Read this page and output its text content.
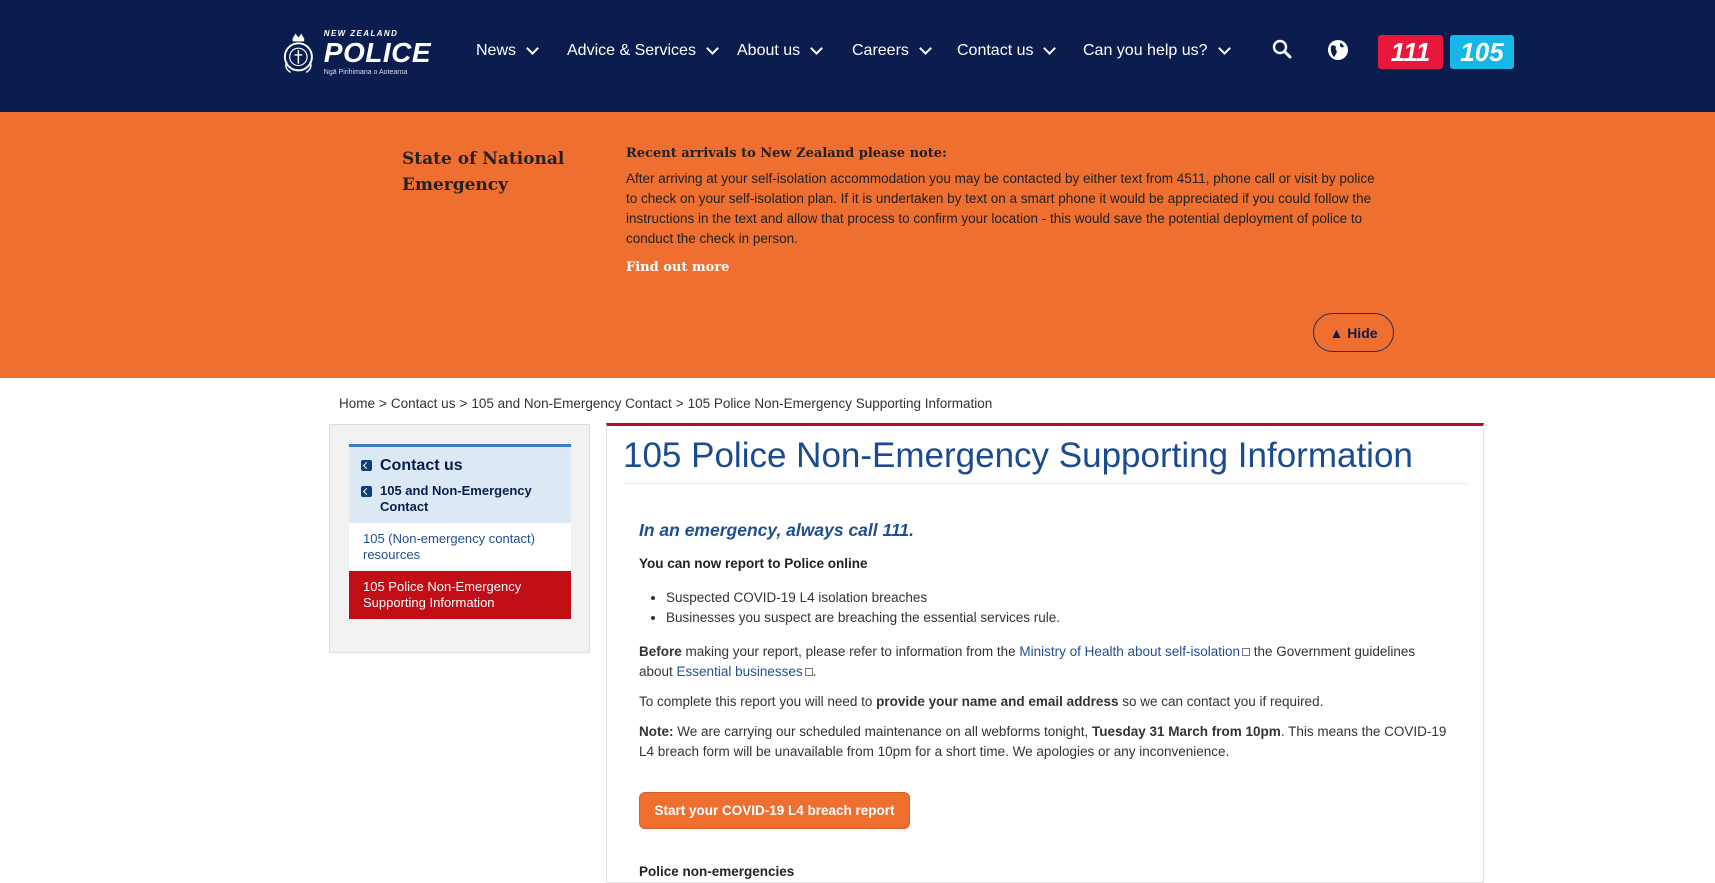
NEW ZEALAND
POLICE
Ngā Pirihimana o Aotearoa
News	Advice & Services	About us	Careers	Contact us	Can you help us?	111	105
State of National Emergency
Recent arrivals to New Zealand please note:
After arriving at your self-isolation accommodation you may be contacted by either text from 4511, phone call or visit by police to check on your self-isolation plan. If it is undertaken by text on a smart phone it would be appreciated if you could follow the instructions in the text and allow that process to confirm your location - this would save the potential deployment of police to conduct the check in person.
Find out more
▲ Hide
Home > Contact us > 105 and Non-Emergency Contact > 105 Police Non-Emergency Supporting Information
Contact us
105 and Non-Emergency Contact
105 (Non-emergency contact) resources
105 Police Non-Emergency Supporting Information
105 Police Non-Emergency Supporting Information
In an emergency, always call 111.
You can now report to Police online
• Suspected COVID-19 L4 isolation breaches
• Businesses you suspect are breaching the essential services rule.
Before making your report, please refer to information from the Ministry of Health about self-isolation the Government guidelines about Essential businesses .
To complete this report you will need to provide your name and email address so we can contact you if required.
Note: We are carrying our scheduled maintenance on all webforms tonight, Tuesday 31 March from 10pm. This means the COVID-19 L4 breach form will be unavailable from 10pm for a short time. We apologies or any inconvenience.
Start your COVID-19 L4 breach report
Police non-emergencies
